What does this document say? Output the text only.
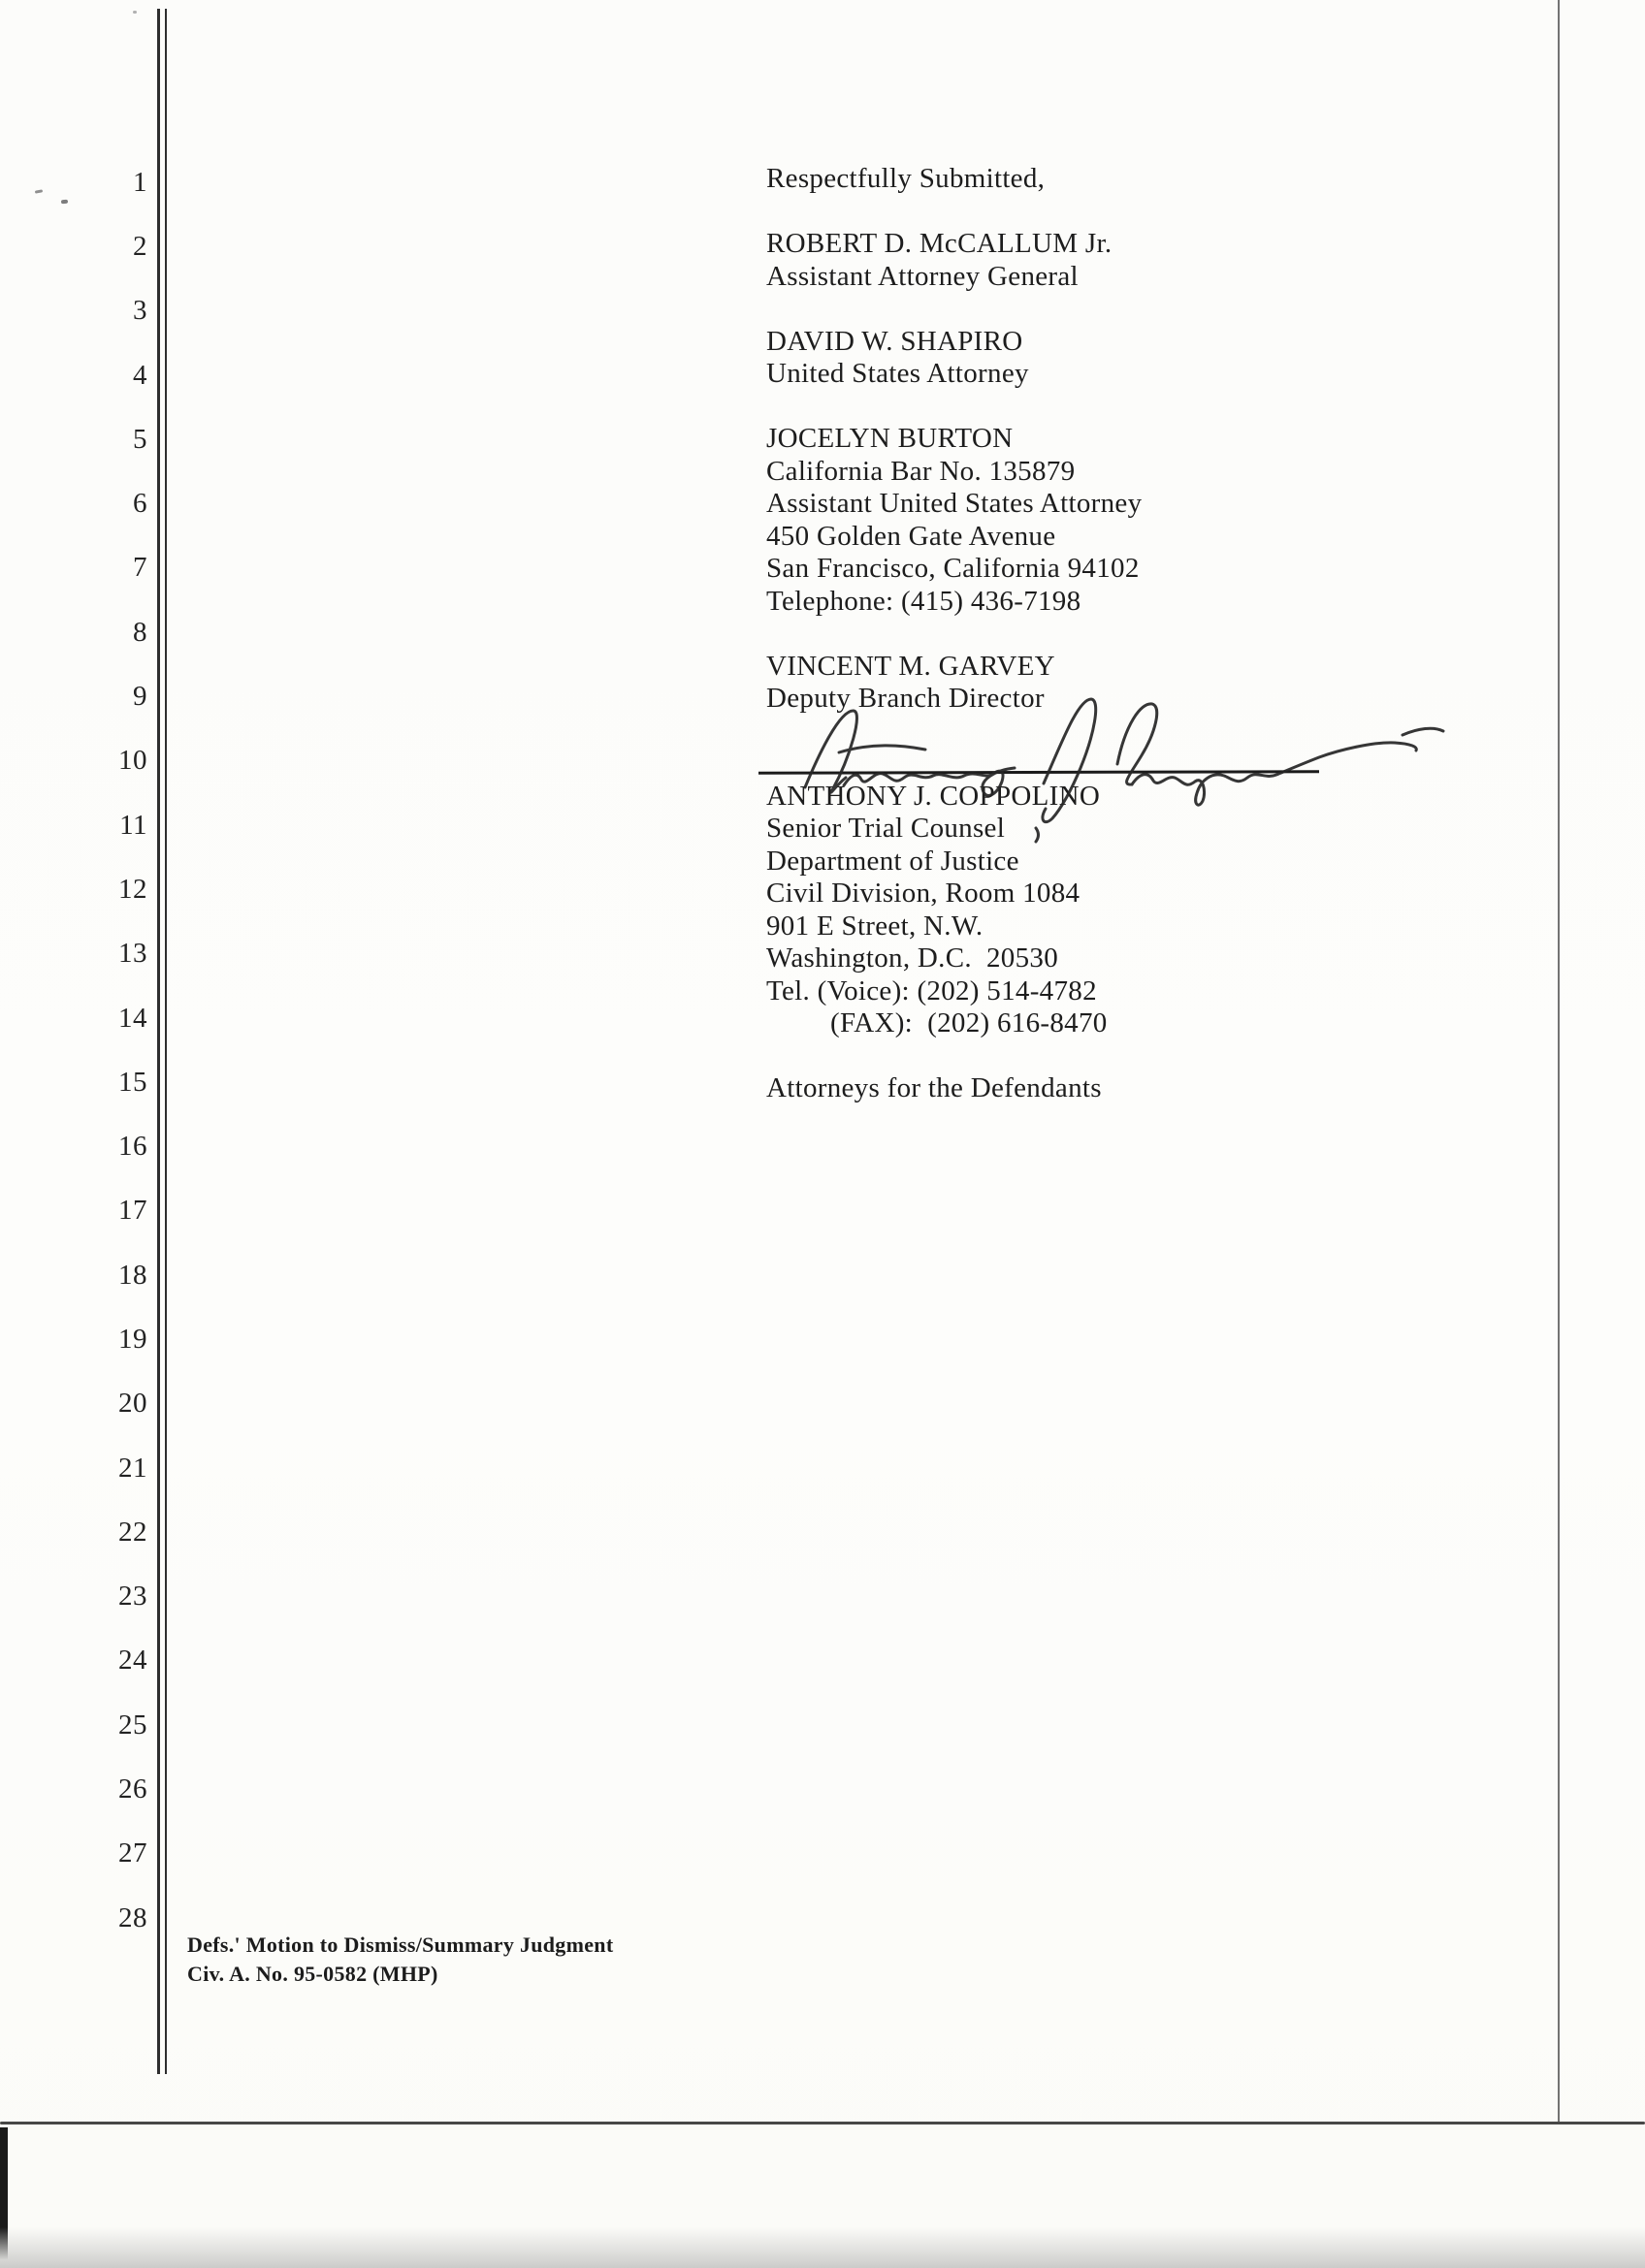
1
2
3
4
5
6
7
8
9
10
11
12
13
14
15
16
17
18
19
20
21
22
23
24
25
26
27
28
Respectfully Submitted,

ROBERT D. McCALLUM Jr.
Assistant Attorney General

DAVID W. SHAPIRO
United States Attorney

JOCELYN BURTON
California Bar No. 135879
Assistant United States Attorney
450 Golden Gate Avenue
San Francisco, California 94102
Telephone: (415) 436-7198

VINCENT M. GARVEY
Deputy Branch Director

ANTHONY J. COPPOLINO
Senior Trial Counsel
Department of Justice
Civil Division, Room 1084
901 E Street, N.W.
Washington, D.C.  20530
Tel. (Voice): (202) 514-4782
(FAX):  (202) 616-8470

Attorneys for the Defendants
Defs.' Motion to Dismiss/Summary Judgment
Civ. A. No. 95-0582 (MHP)
